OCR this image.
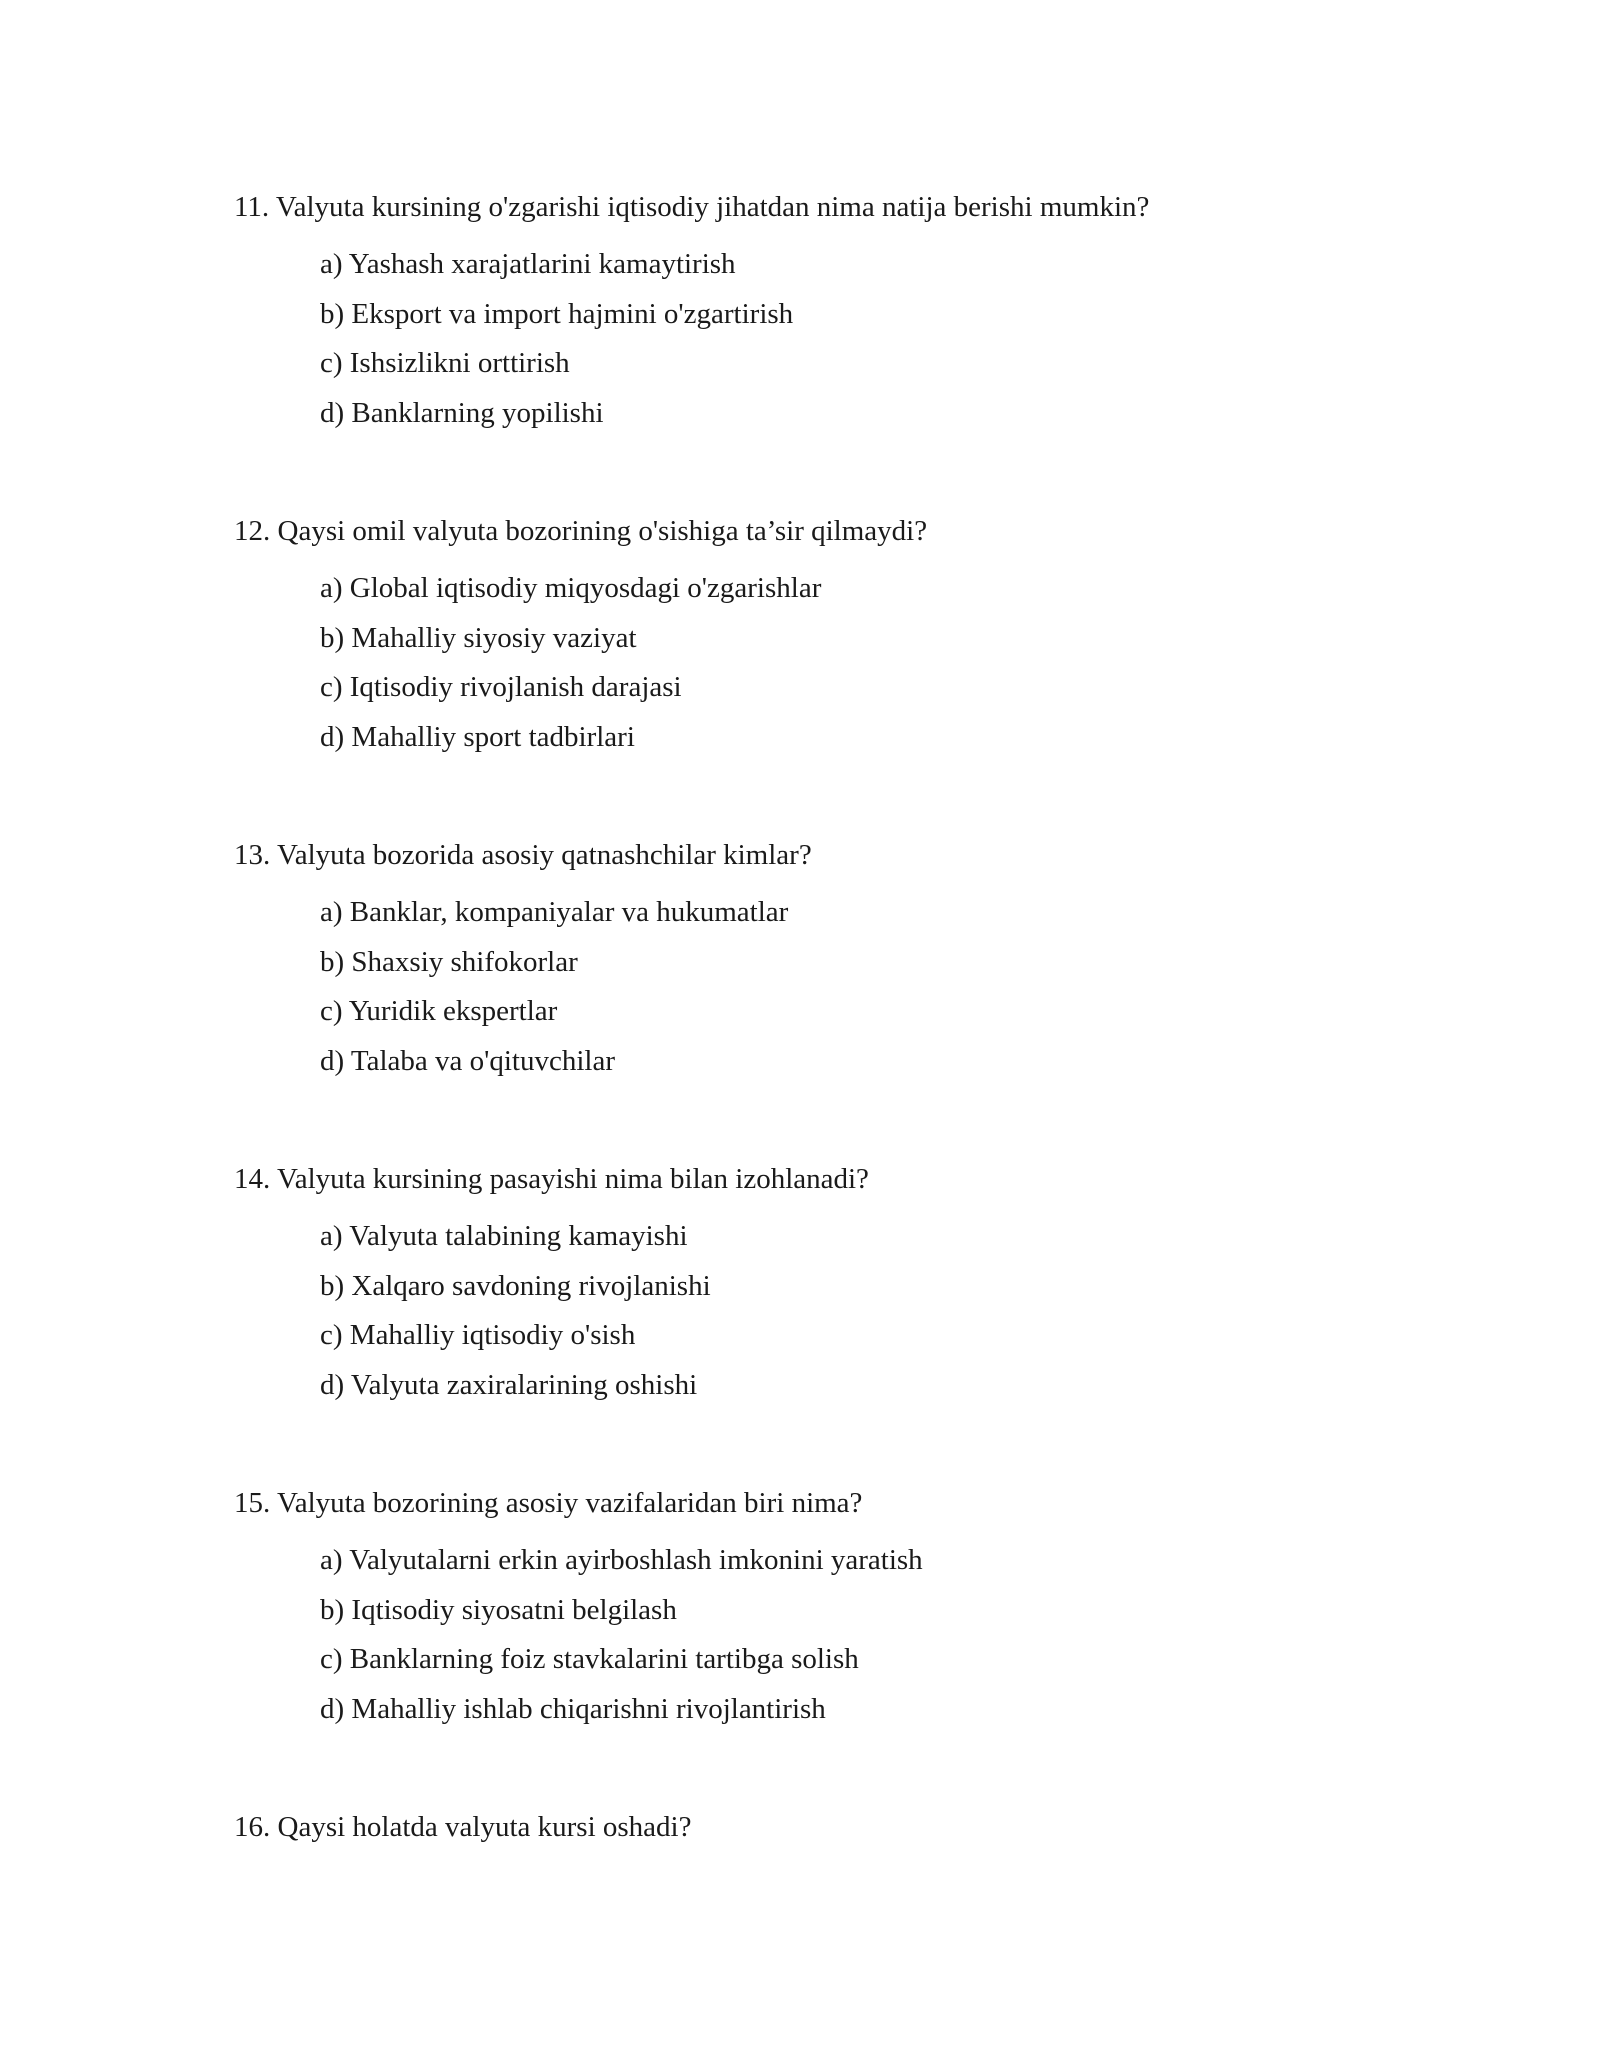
11. Valyuta kursining o'zgarishi iqtisodiy jihatdan nima natija berishi mumkin?

a) Yashash xarajatlarini kamaytirish
b) Eksport va import hajmini o'zgartirish
c) Ishsizlikni orttirish
d) Banklarning yopilishi

12. Qaysi omil valyuta bozorining o'sishiga ta’sir qilmaydi?

a) Global iqtisodiy miqyosdagi o'zgarishlar
b) Mahalliy siyosiy vaziyat
c) Iqtisodiy rivojlanish darajasi
d) Mahalliy sport tadbirlari

13. Valyuta bozorida asosiy qatnashchilar kimlar?

a) Banklar, kompaniyalar va hukumatlar
b) Shaxsiy shifokorlar
c) Yuridik ekspertlar
d) Talaba va o'qituvchilar

14. Valyuta kursining pasayishi nima bilan izohlanadi?

a) Valyuta talabining kamayishi
b) Xalqaro savdoning rivojlanishi
c) Mahalliy iqtisodiy o'sish
d) Valyuta zaxiralarining oshishi

15. Valyuta bozorining asosiy vazifalaridan biri nima?

a) Valyutalarni erkin ayirboshlash imkonini yaratish
b) Iqtisodiy siyosatni belgilash
c) Banklarning foiz stavkalarini tartibga solish
d) Mahalliy ishlab chiqarishni rivojlantirish

16. Qaysi holatda valyuta kursi oshadi?
